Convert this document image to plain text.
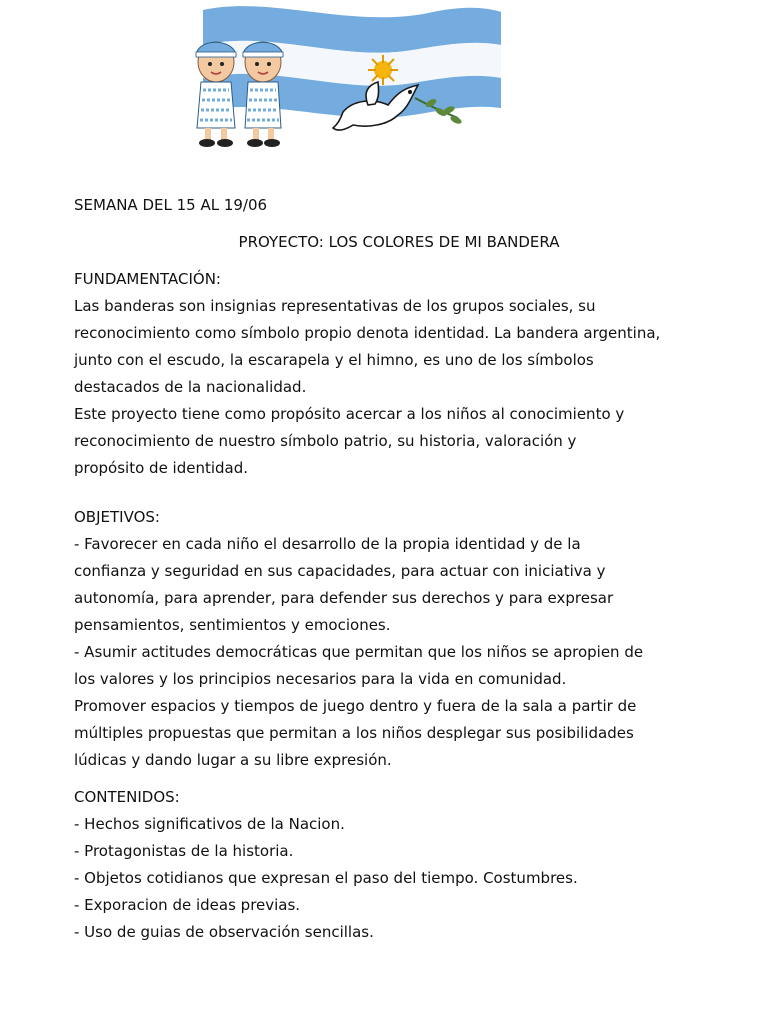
SEMANA DEL 15 AL 19/06

PROYECTO: LOS COLORES DE MI BANDERA

FUNDAMENTACIÓN:

Las banderas son insignias representativas de los grupos sociales, su
reconocimiento como símbolo propio denota identidad. La bandera argentina,
junto con el escudo, la escarapela y el himno, es uno de los símbolos
destacados de la nacionalidad.
Este proyecto tiene como propósito acercar a los niños al conocimiento y
reconocimiento de nuestro símbolo patrio, su historia, valoración y
propósito de identidad.

OBJETIVOS:

- Favorecer en cada niño el desarrollo de la propia identidad y de la
confianza y seguridad en sus capacidades, para actuar con iniciativa y
autonomía, para aprender, para defender sus derechos y para expresar
pensamientos, sentimientos y emociones.
- Asumir actitudes democráticas que permitan que los niños se apropien de
los valores y los principios necesarios para la vida en comunidad.
Promover espacios y tiempos de juego dentro y fuera de la sala a partir de
múltiples propuestas que permitan a los niños desplegar sus posibilidades
lúdicas y dando lugar a su libre expresión.

CONTENIDOS:

- Hechos significativos de la Nacion.
- Protagonistas de la historia.
- Objetos cotidianos que expresan el paso del tiempo. Costumbres.
- Exporacion de ideas previas.
- Uso de guias de observación sencillas.
